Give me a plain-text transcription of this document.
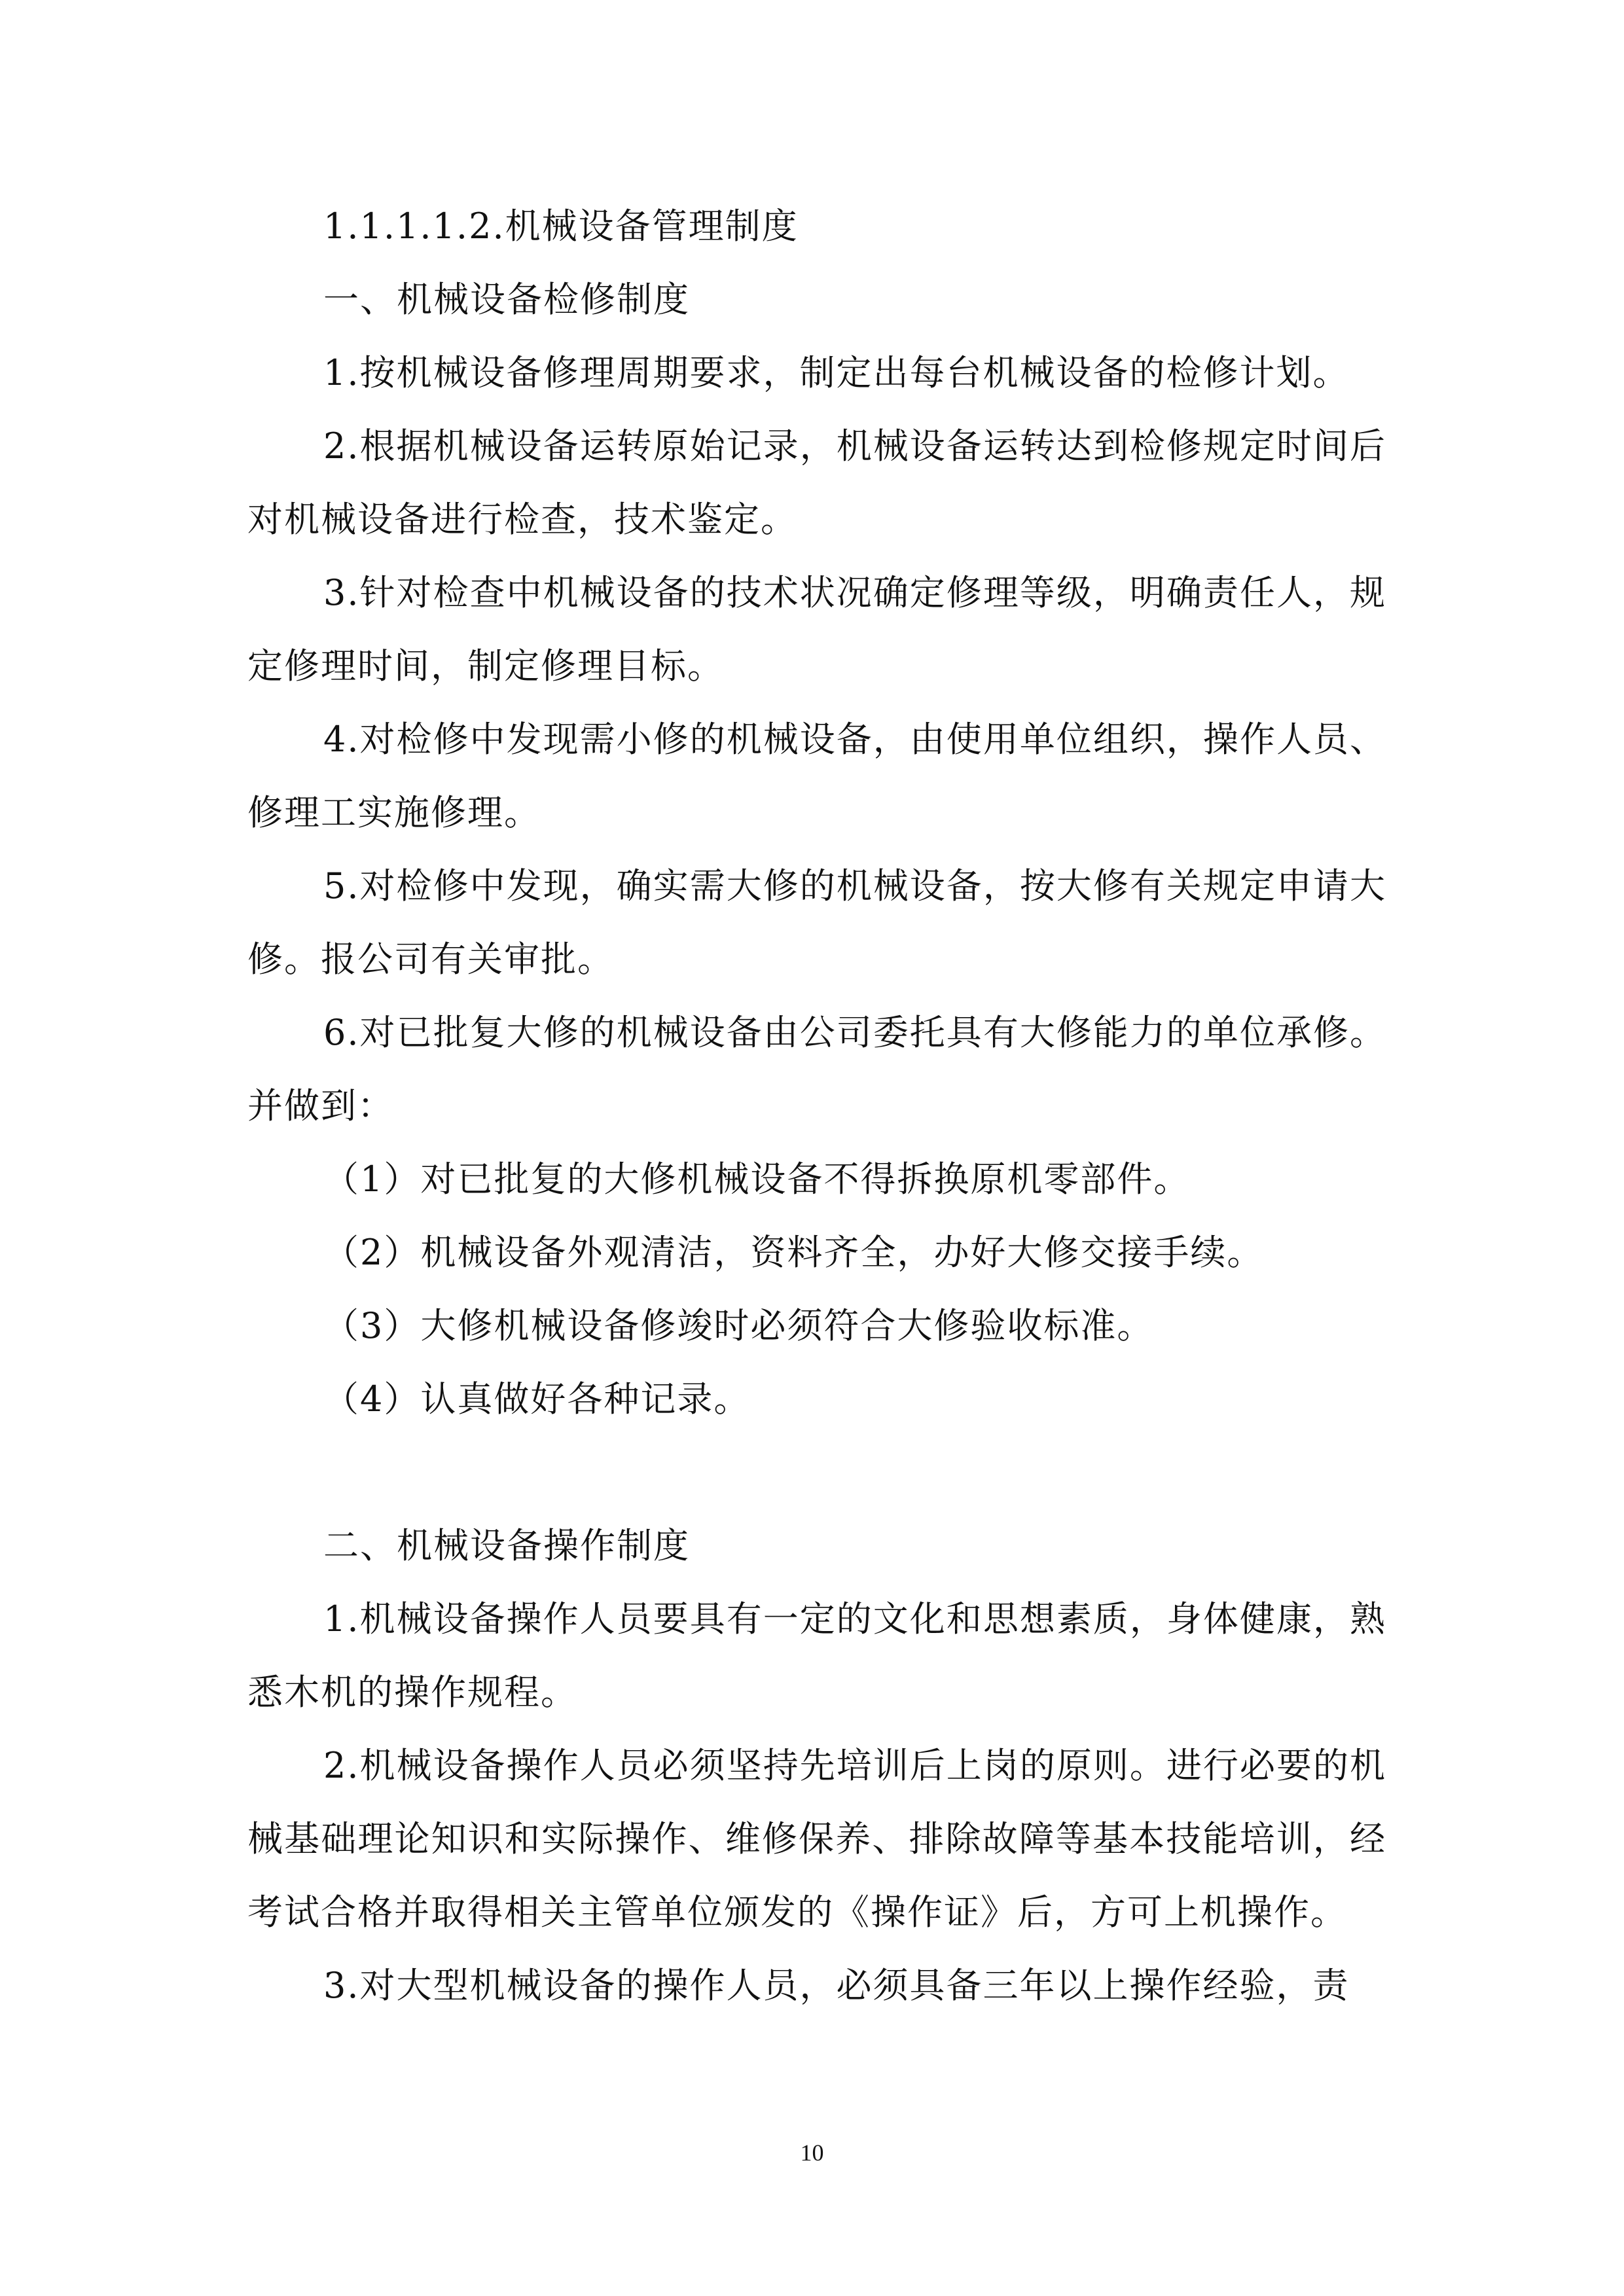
1.1.1.1.2.机械设备管理制度

一、机械设备检修制度

1.按机械设备修理周期要求，制定出每台机械设备的检修计划。

2.根据机械设备运转原始记录，机械设备运转达到检修规定时间后对机械设备进行检查，技术鉴定。

3.针对检查中机械设备的技术状况确定修理等级，明确责任人，规定修理时间，制定修理目标。

4.对检修中发现需小修的机械设备，由使用单位组织，操作人员、修理工实施修理。

5.对检修中发现，确实需大修的机械设备，按大修有关规定申请大修。报公司有关审批。

6.对已批复大修的机械设备由公司委托具有大修能力的单位承修。并做到：

（1）对已批复的大修机械设备不得拆换原机零部件。

（2）机械设备外观清洁，资料齐全，办好大修交接手续。

（3）大修机械设备修竣时必须符合大修验收标准。

（4）认真做好各种记录。

二、机械设备操作制度

1.机械设备操作人员要具有一定的文化和思想素质，身体健康，熟悉木机的操作规程。

2.机械设备操作人员必须坚持先培训后上岗的原则。进行必要的机械基础理论知识和实际操作、维修保养、排除故障等基本技能培训，经考试合格并取得相关主管单位颁发的《操作证》后，方可上机操作。

3.对大型机械设备的操作人员，必须具备三年以上操作经验，责

10
